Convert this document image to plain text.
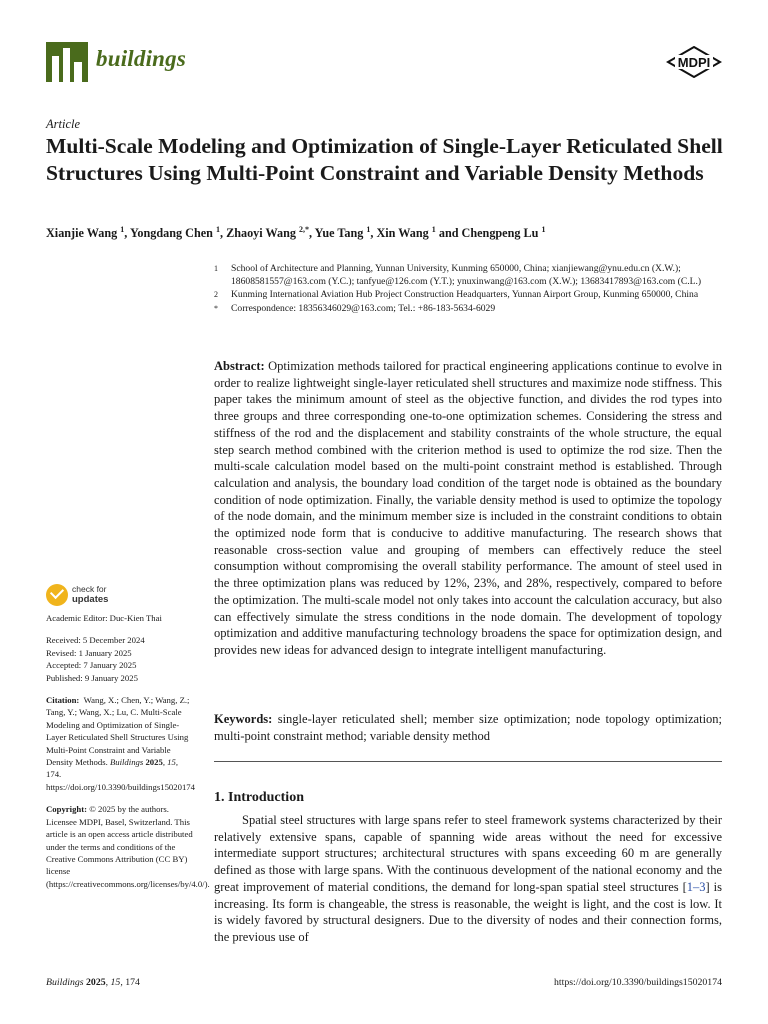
buildings	MDPI
Article
Multi-Scale Modeling and Optimization of Single-Layer Reticulated Shell Structures Using Multi-Point Constraint and Variable Density Methods
Xianjie Wang $^1$, Yongdang Chen $^1$, Zhaoyi Wang $^{2,*}$, Yue Tang $^1$, Xin Wang $^1$ and Chengpeng Lu $^1$
1	School of Architecture and Planning, Yunnan University, Kunming 650000, China; xianjiewang@ynu.edu.cn (X.W.); 18608581557@163.com (Y.C.); tanfyue@126.com (Y.T.); ynuxinwang@163.com (X.W.); 13683417893@163.com (C.L.)
2	Kunming International Aviation Hub Project Construction Headquarters, Yunnan Airport Group, Kunming 650000, China
*	Correspondence: 18356346029@163.com; Tel.: +86-183-5634-6029
Abstract: Optimization methods tailored for practical engineering applications continue to evolve in order to realize lightweight single-layer reticulated shell structures and maximize node stiffness. This paper takes the minimum amount of steel as the objective function, and divides the rod types into three groups and three corresponding one-to-one optimization schemes. Considering the stress and stiffness of the rod and the displacement and stability constraints of the whole structure, the equal step search method combined with the criterion method is used to optimize the rod size. Then the multi-scale calculation model based on the multi-point constraint method is established. Through calculation and analysis, the boundary load condition of the target node is obtained as the boundary condition of node optimization. Finally, the variable density method is used to optimize the topology of the node domain, and the minimum member size is included in the constraint conditions to obtain the optimized node form that is conducive to additive manufacturing. The research shows that reasonable cross-section value and grouping of members can effectively reduce the steel consumption without compromising the overall stability performance. The amount of steel used in the three optimization plans was reduced by 12%, 23%, and 28%, respectively, compared to before the optimization. The multi-scale model not only takes into account the calculation accuracy, but also can effectively simulate the stress conditions in the node domain. The development of topology optimization and additive manufacturing technology broadens the space for optimization design, and provides new ideas for advanced design to integrate intelligent manufacturing.
Keywords: single-layer reticulated shell; member size optimization; node topology optimization; multi-point constraint method; variable density method
1. Introduction
Spatial steel structures with large spans refer to steel framework systems characterized by their relatively extensive spans, capable of spanning wide areas without the need for excessive intermediate support structures; architectural structures with spans exceeding 60 m are generally defined as those with large spans. With the continuous development of the national economy and the great improvement of material conditions, the demand for long-span spatial steel structures [1–3] is increasing. Its form is changeable, the stress is reasonable, the weight is light, and the cost is low. It is widely favored by structural designers. Due to the diversity of nodes and their connection forms, the previous use of
check for
updates
Academic Editor: Duc-Kien Thai
Received: 5 December 2024
Revised: 1 January 2025
Accepted: 7 January 2025
Published: 9 January 2025
Citation: Wang, X.; Chen, Y.; Wang, Z.; Tang, Y.; Wang, X.; Lu, C. Multi-Scale Modeling and Optimization of Single-Layer Reticulated Shell Structures Using Multi-Point Constraint and Variable Density Methods. Buildings 2025, 15, 174. https://doi.org/10.3390/buildings15020174
Copyright: © 2025 by the authors. Licensee MDPI, Basel, Switzerland. This article is an open access article distributed under the terms and conditions of the Creative Commons Attribution (CC BY) license (https://creativecommons.org/licenses/by/4.0/).
Buildings 2025, 15, 174	https://doi.org/10.3390/buildings15020174
